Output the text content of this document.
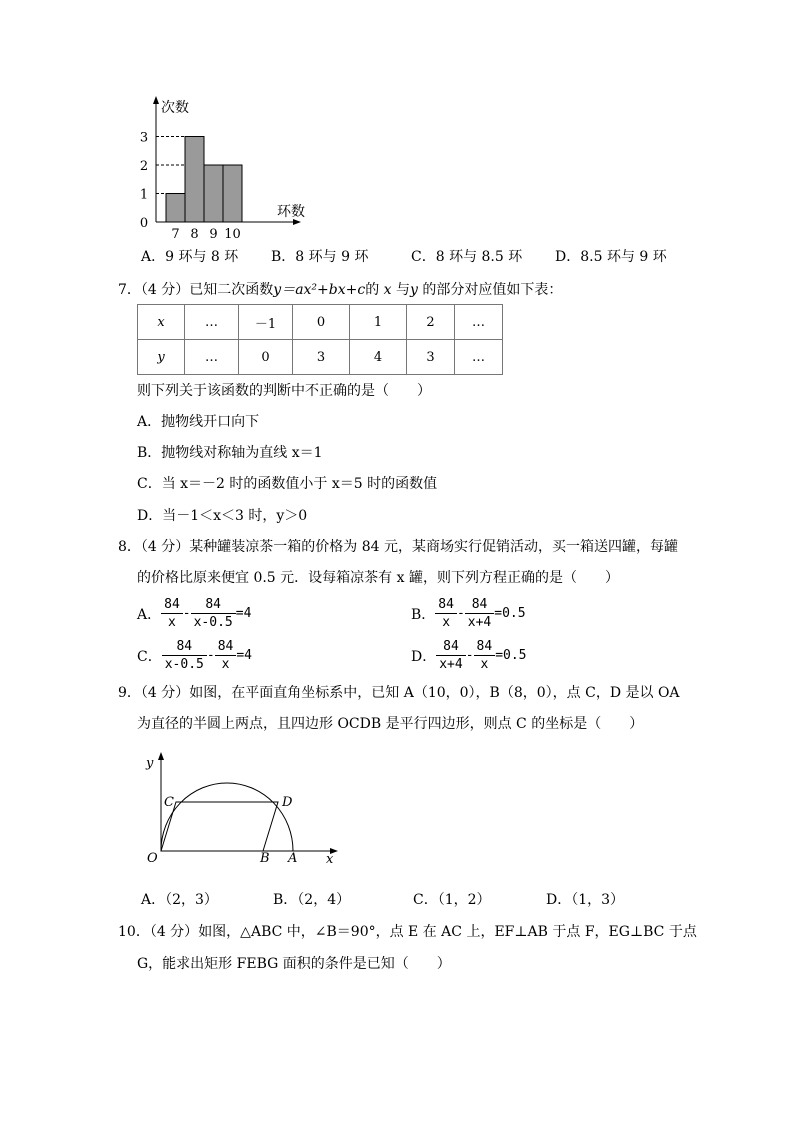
0
1
2
3
7 8 9 10
次数
环数
A．9 环与 8 环 B．8 环与 9 环	C．8 环与 8.5 环 D．8.5 环与 9 环
7．（4 分）已知二次函数y＝ax²+bx+c的 x 与y 的部分对应值如下表：
x	…	－1	0	1	2	…
y	…	0	3	4	3	…
则下列关于该函数的判断中不正确的是（　　）
A．抛物线开口向下
B．抛物线对称轴为直线 x＝1
C．当 x＝－2 时的函数值小于 x＝5 时的函数值
D．当－1＜x＜3 时，y＞0
8．（4 分）某种罐装凉茶一箱的价格为 84 元，某商场实行促销活动，买一箱送四罐，每罐
的价格比原来便宜 0.5 元．设每箱凉茶有 x 罐，则下列方程正确的是（　　）
A． $\frac{84}{x} - \frac{84}{x-0.5} =4$	B． $\frac{84}{x} - \frac{84}{x+4} =0.5$
C． $\frac{84}{x-0.5} - \frac{84}{x} =4$	D． $\frac{84}{x+4} - \frac{84}{x} =0.5$
9．（4 分）如图，在平面直角坐标系中，已知 A（10，0），B（8，0），点 C，D 是以 OA
为直径的半圆上两点，且四边形 OCDB 是平行四边形，则点 C 的坐标是（　　）
y
O
C	D
B A x
A．（2，3）	B．（2，4）	C．（1，2）	D．（1，3）
10．（4 分）如图，△ABC 中，∠B＝90°，点 E 在 AC 上，EF⊥AB 于点 F，EG⊥BC 于点
G，能求出矩形 FEBG 面积的条件是已知（　　）
